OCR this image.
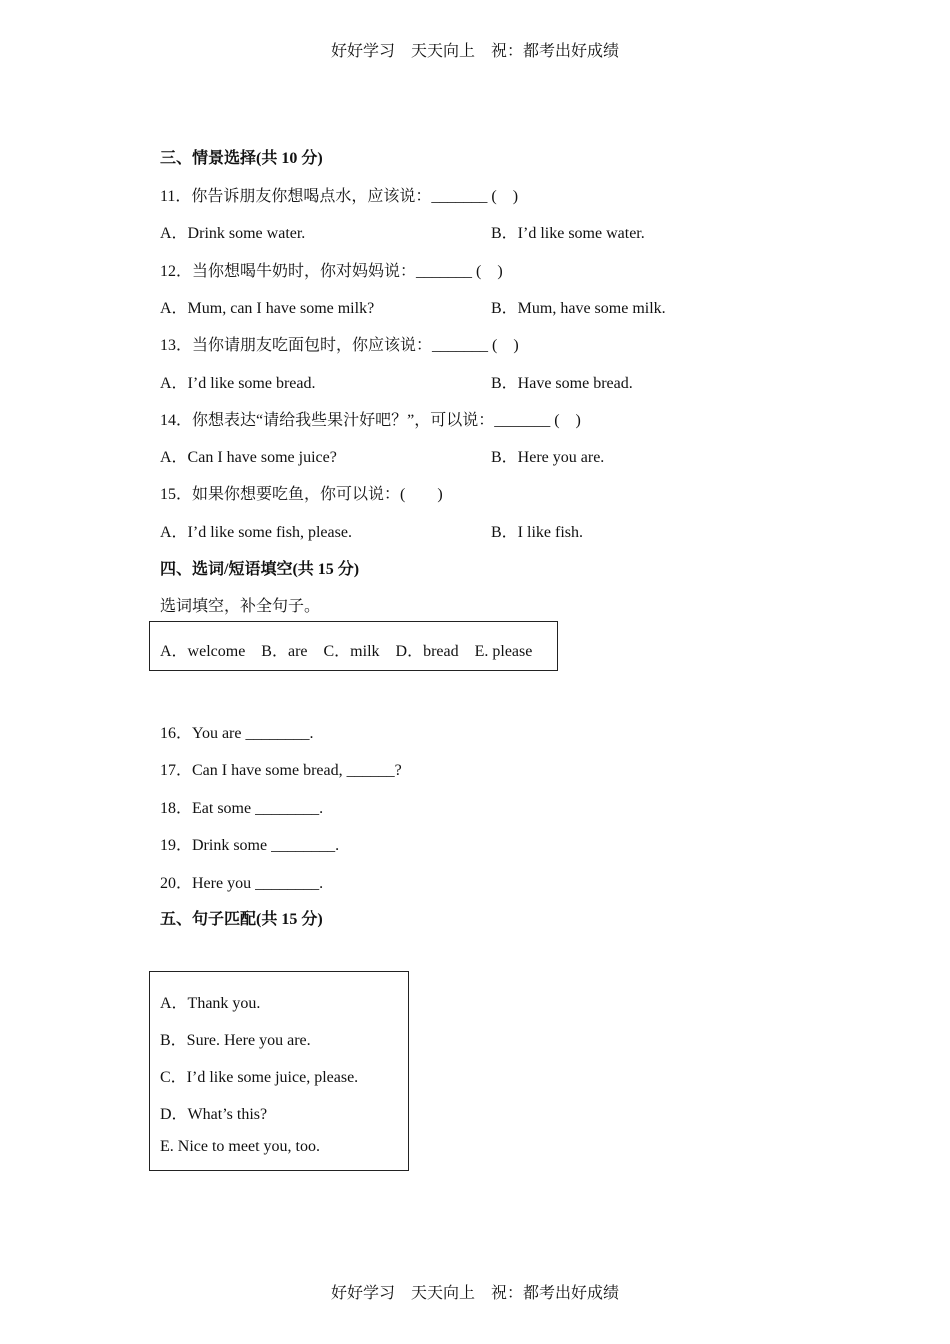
好好学习　天天向上　祝：都考出好成绩
三、情景选择(共 10 分)
11．你告诉朋友你想喝点水，应该说：_______ (　)
A．Drink some water.	B．I’d like some water.
12．当你想喝牛奶时，你对妈妈说：_______ (　)
A．Mum, can I have some milk?	B．Mum, have some milk.
13．当你请朋友吃面包时，你应该说：_______ (　)
A．I’d like some bread.	B．Have some bread.
14．你想表达“请给我些果汁好吧？”，可以说：_______ (　)
A．Can I have some juice?	B．Here you are.
15．如果你想要吃鱼，你可以说：(　　)
A．I’d like some fish, please.	B．I like fish.
四、选词/短语填空(共 15 分)
选词填空，补全句子。
A．welcome　B．are　C．milk　D．bread　E. please
16．You are ________.
17．Can I have some bread, ______?
18．Eat some ________.
19．Drink some ________.
20．Here you ________.
五、句子匹配(共 15 分)
A．Thank you.
B．Sure. Here you are.
C．I’d like some juice, please.
D．What’s this?
E. Nice to meet you, too.
好好学习　天天向上　祝：都考出好成绩
